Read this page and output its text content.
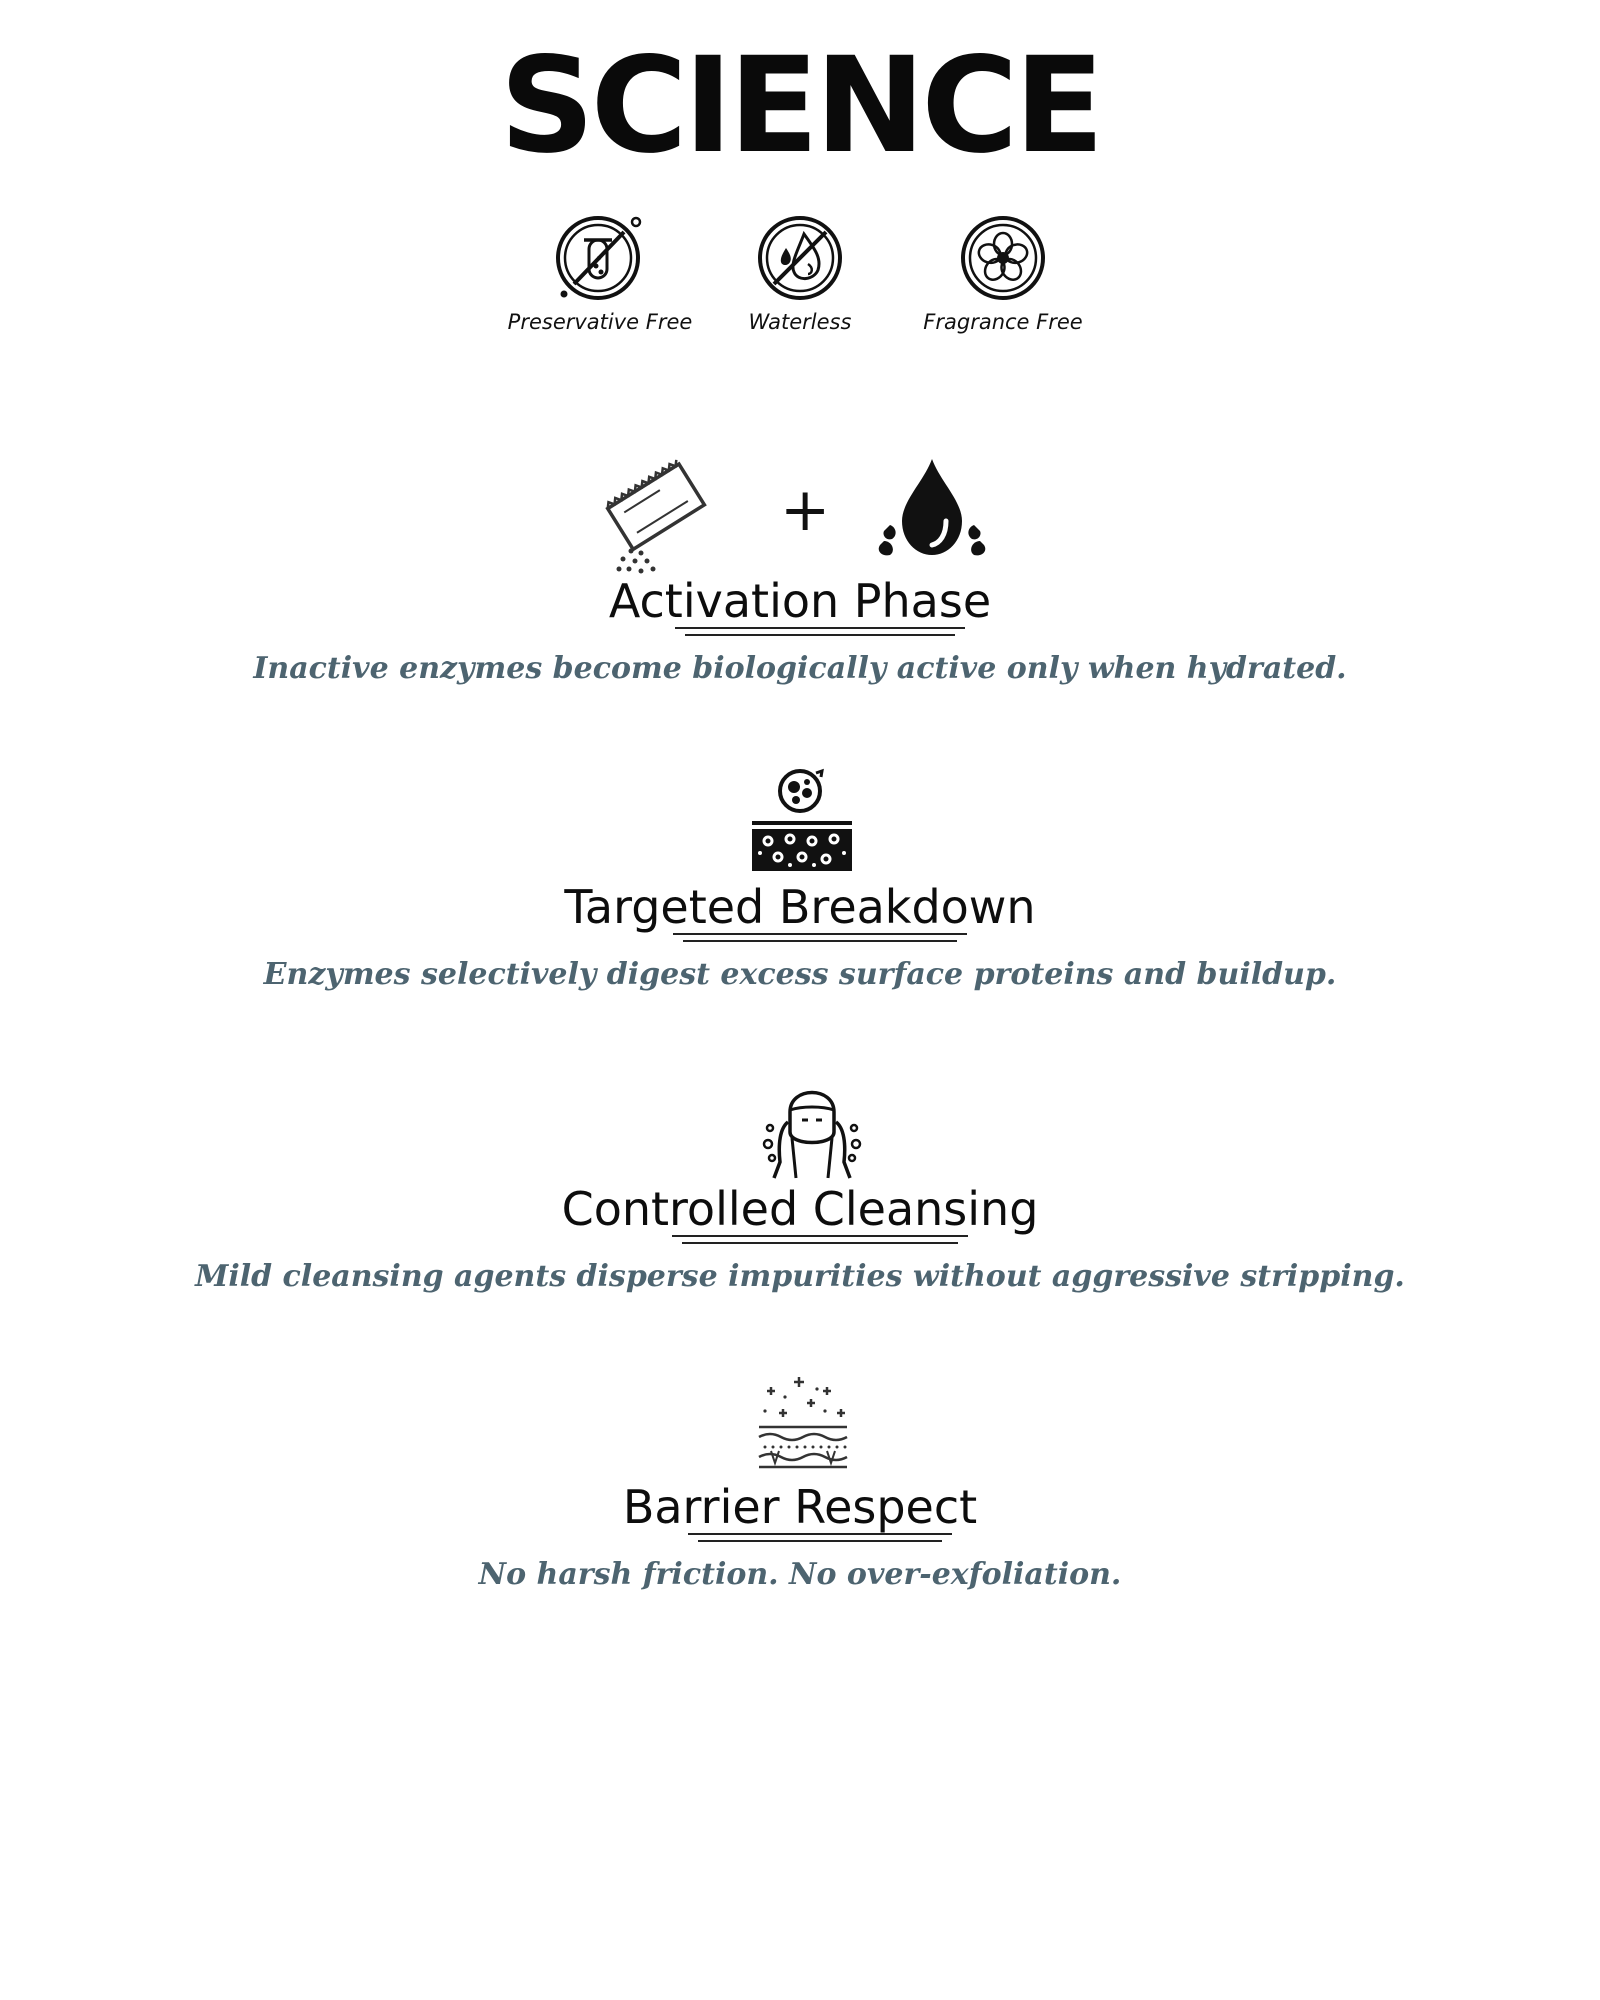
SCIENCE
Preservative Free	Waterless	Fragrance Free
+
Activation Phase
Inactive enzymes become biologically active only when hydrated.
Targeted Breakdown
Enzymes selectively digest excess surface proteins and buildup.
Controlled Cleansing
Mild cleansing agents disperse impurities without aggressive stripping.
Barrier Respect
No harsh friction. No over-exfoliation.
